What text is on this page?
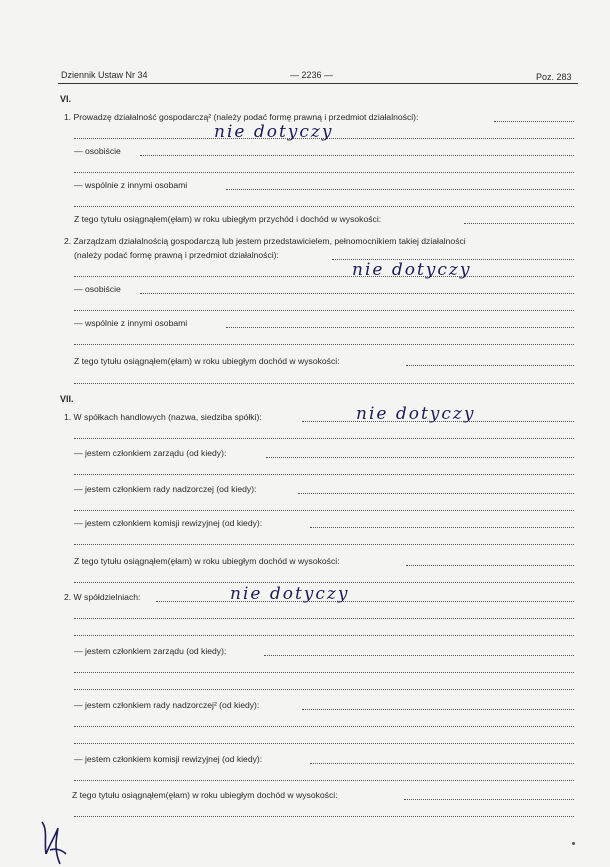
Dziennik Ustaw Nr 34	— 2236 —	Poz. 283
VI.
1. Prowadzę działalność gospodarczą² (należy podać formę prawną i przedmiot działalności):
nie dotyczy
— osobiście
— wspólnie z innymi osobami
Z tego tytułu osiągnąłem(ęłam) w roku ubiegłym przychód i dochód w wysokości:
2. Zarządzam działalnością gospodarczą lub jestem przedstawicielem, pełnomocnikiem takiej działalności
(należy podać formę prawną i przedmiot działalności):
nie dotyczy
— osobiście
— wspólnie z innymi osobami
Z tego tytułu osiągnąłem(ęłam) w roku ubiegłym dochód w wysokości:
VII.
1. W spółkach handlowych (nazwa, siedziba spółki):	nie dotyczy
— jestem członkiem zarządu (od kiedy):
— jestem członkiem rady nadzorczej (od kiedy):
— jestem członkiem komisji rewizyjnej (od kiedy):
Z tego tytułu osiągnąłem(ęłam) w roku ubiegłym dochód w wysokości:
2. W spółdzielniach:	nie dotyczy
— jestem członkiem zarządu (od kiedy):
— jestem członkiem rady nadzorczej² (od kiedy):
— jestem członkiem komisji rewizyjnej (od kiedy):
Z tego tytułu osiągnąłem(ęłam) w roku ubiegłym dochód w wysokości:
